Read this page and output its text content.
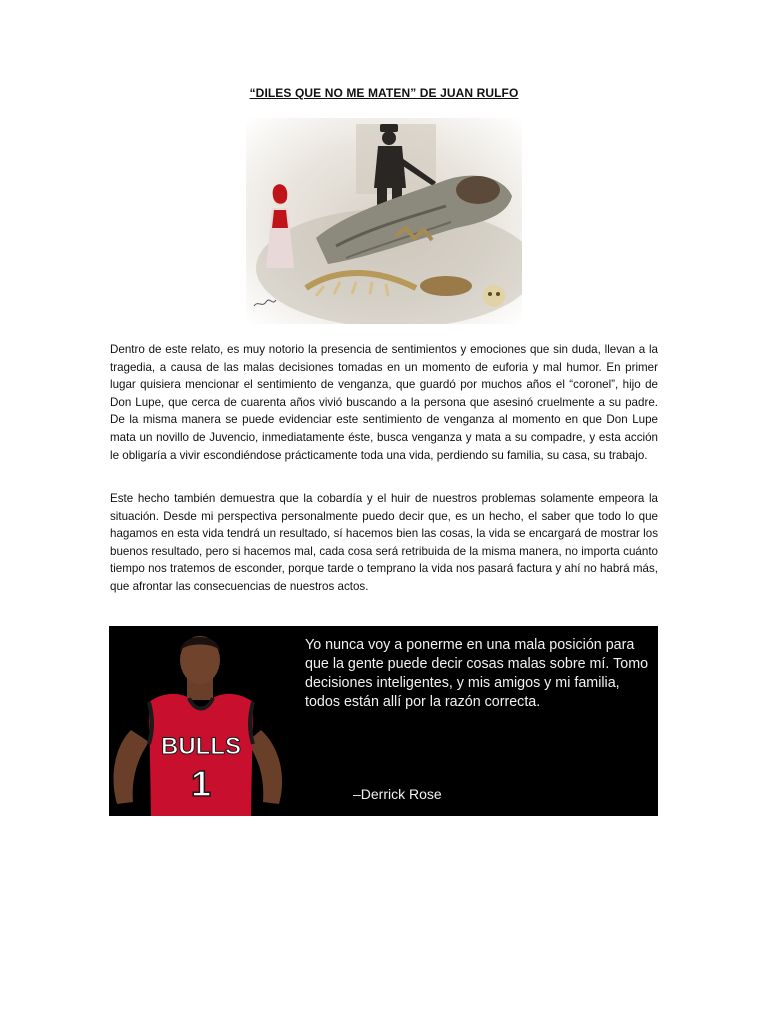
“DILES QUE NO ME MATEN” DE JUAN RULFO

Dentro de este relato, es muy notorio la presencia de sentimientos y emociones que sin duda, llevan a la tragedia, a causa de las malas decisiones tomadas en un momento de euforia y mal humor. En primer lugar quisiera mencionar el sentimiento de venganza, que guardó por muchos años el “coronel”, hijo de Don Lupe, que cerca de cuarenta años vivió buscando a la persona que asesinó cruelmente a su padre. De la misma manera se puede evidenciar este sentimiento de venganza al momento en que Don Lupe mata un novillo de Juvencio, inmediatamente éste, busca venganza y mata a su compadre, y esta acción le obligaría a vivir escondiéndose prácticamente toda una vida, perdiendo su familia, su casa, su trabajo.

Este hecho también demuestra que la cobardía y el huir de nuestros problemas solamente empeora la situación. Desde mi perspectiva personalmente puedo decir que, es un hecho, el saber que todo lo que hagamos en esta vida tendrá un resultado, sí hacemos bien las cosas, la vida se encargará de mostrar los buenos resultado, pero si hacemos mal, cada cosa será retribuida de la misma manera, no importa cuánto tiempo nos tratemos de esconder, porque tarde o temprano la vida nos pasará factura y ahí no habrá más, que afrontar las consecuencias de nuestros actos.

BULLS
1

Yo nunca voy a ponerme en una mala posición para que la gente puede decir cosas malas sobre mí. Tomo decisiones inteligentes, y mis amigos y mi familia, todos están allí por la razón correcta.

–Derrick Rose
